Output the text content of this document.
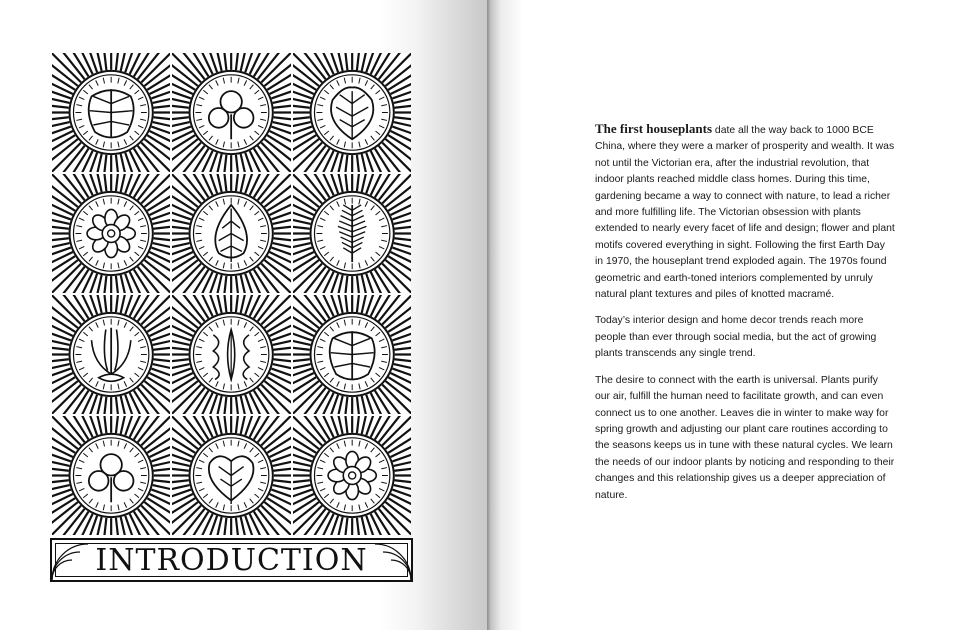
INTRODUCTION

The first houseplants date all the way back to 1000 BCE China, where they were a marker of prosperity and wealth. It was not until the Victorian era, after the industrial revolution, that indoor plants reached middle class homes. During this time, gardening became a way to connect with nature, to lead a richer and more fulfilling life. The Victorian obsession with plants extended to nearly every facet of life and design; flower and plant motifs covered everything in sight. Following the first Earth Day in 1970, the houseplant trend exploded again. The 1970s found geometric and earth-toned interiors complemented by unruly natural plant textures and piles of knotted macramé.

Today’s interior design and home decor trends reach more people than ever through social media, but the act of growing plants transcends any single trend.

The desire to connect with the earth is universal. Plants purify our air, fulfill the human need to facilitate growth, and can even connect us to one another. Leaves die in winter to make way for spring growth and adjusting our plant care routines according to the seasons keeps us in tune with these natural cycles. We learn the needs of our indoor plants by noticing and responding to their changes and this relationship gives us a deeper appreciation of nature.
